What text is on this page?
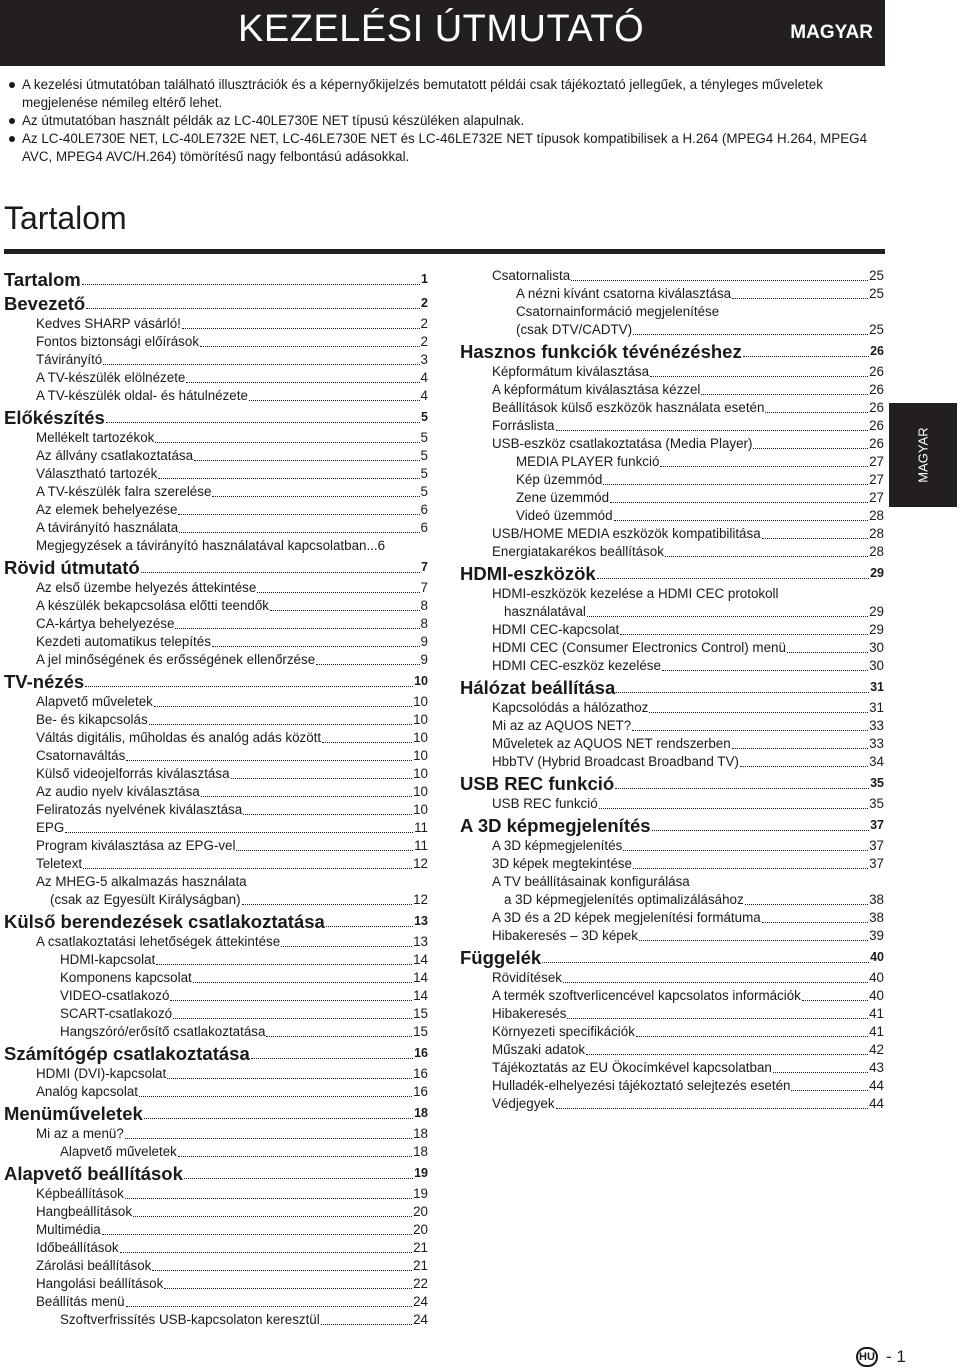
KEZELÉSI ÚTMUTATÓ	MAGYAR
A kezelési útmutatóban található illusztrációk és a képernyőkijelzés bemutatott példái csak tájékoztató jellegűek, a tényleges műveletek megjelenése némileg eltérő lehet.
Az útmutatóban használt példák az LC-40LE730E NET típusú készüléken alapulnak.
Az LC-40LE730E NET, LC-40LE732E NET, LC-46LE730E NET és LC-46LE732E NET típusok kompatibilisek a H.264 (MPEG4 H.264, MPEG4 AVC, MPEG4 AVC/H.264) tömörítésű nagy felbontású adásokkal.
Tartalom
Tartalom	1
Bevezető	2
Kedves SHARP vásárló!	2
Fontos biztonsági előírások	2
Távirányító	3
A TV-készülék elölnézete	4
A TV-készülék oldal- és hátulnézete	4
Előkészítés	5
Mellékelt tartozékok	5
Az állvány csatlakoztatása	5
Választható tartozék	5
A TV-készülék falra szerelése	5
Az elemek behelyezése	6
A távirányító használata	6
Megjegyzések a távirányító használatával kapcsolatban...6
Rövid útmutató	7
Az első üzembe helyezés áttekintése	7
A készülék bekapcsolása előtti teendők	8
CA-kártya behelyezése	8
Kezdeti automatikus telepítés	9
A jel minőségének és erősségének ellenőrzése	9
TV-nézés	10
Alapvető műveletek	10
Be- és kikapcsolás	10
Váltás digitális, műholdas és analóg adás között	10
Csatornaváltás	10
Külső videojelforrás kiválasztása	10
Az audio nyelv kiválasztása	10
Feliratozás nyelvének kiválasztása	10
EPG	11
Program kiválasztása az EPG-vel	11
Teletext	12
Az MHEG-5 alkalmazás használata
(csak az Egyesült Királyságban)	12
Külső berendezések csatlakoztatása	13
A csatlakoztatási lehetőségek áttekintése	13
HDMI-kapcsolat	14
Komponens kapcsolat	14
VIDEO-csatlakozó	14
SCART-csatlakozó	15
Hangszóró/erősítő csatlakoztatása	15
Számítógép csatlakoztatása	16
HDMI (DVI)-kapcsolat	16
Analóg kapcsolat	16
Menüműveletek	18
Mi az a menü?	18
Alapvető műveletek	18
Alapvető beállítások	19
Képbeállítások	19
Hangbeállítások	20
Multimédia	20
Időbeállítások	21
Zárolási beállítások	21
Hangolási beállítások	22
Beállítás menü	24
Szoftverfrissítés USB-kapcsolaton keresztül	24
Csatornalista	25
A nézni kívánt csatorna kiválasztása	25
Csatornainformáció megjelenítése
(csak DTV/CADTV)	25
Hasznos funkciók tévénézéshez	26
Képformátum kiválasztása	26
A képformátum kiválasztása kézzel	26
Beállítások külső eszközök használata esetén	26
Forráslista	26
USB-eszköz csatlakoztatása (Media Player)	26
MEDIA PLAYER funkció	27
Kép üzemmód	27
Zene üzemmód	27
Videó üzemmód	28
USB/HOME MEDIA eszközök kompatibilitása	28
Energiatakarékos beállítások	28
HDMI-eszközök	29
HDMI-eszközök kezelése a HDMI CEC protokoll
használatával	29
HDMI CEC-kapcsolat	29
HDMI CEC (Consumer Electronics Control) menü	30
HDMI CEC-eszköz kezelése	30
Hálózat beállítása	31
Kapcsolódás a hálózathoz	31
Mi az az AQUOS NET?	33
Műveletek az AQUOS NET rendszerben	33
HbbTV (Hybrid Broadcast Broadband TV)	34
USB REC funkció	35
USB REC funkció	35
A 3D képmegjelenítés	37
A 3D képmegjelenítés	37
3D képek megtekintése	37
A TV beállításainak konfigurálása
a 3D képmegjelenítés optimalizálásához	38
A 3D és a 2D képek megjelenítési formátuma	38
Hibakeresés – 3D képek	39
Függelék	40
Rövidítések	40
A termék szoftverlicencével kapcsolatos információk	40
Hibakeresés	41
Környezeti specifikációk	41
Műszaki adatok	42
Tájékoztatás az EU Ökocímkével kapcsolatban	43
Hulladék-elhelyezési tájékoztató selejtezés esetén	44
Védjegyek	44
MAGYAR
HU - 1
